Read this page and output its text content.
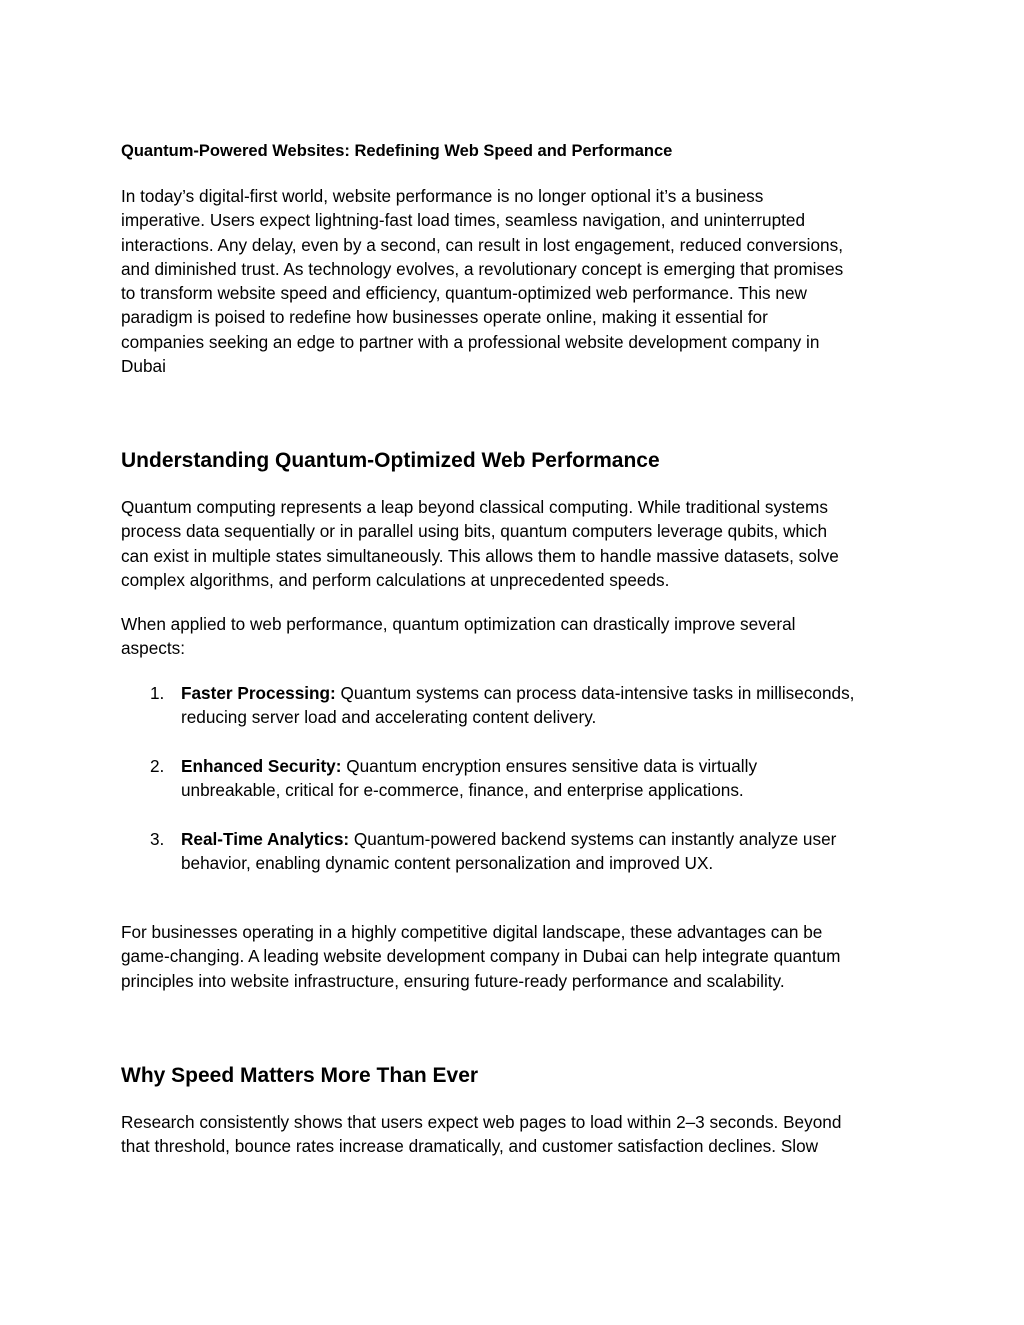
Quantum-Powered Websites: Redefining Web Speed and Performance

In today’s digital-first world, website performance is no longer optional it’s a business
imperative. Users expect lightning-fast load times, seamless navigation, and uninterrupted
interactions. Any delay, even by a second, can result in lost engagement, reduced conversions,
and diminished trust. As technology evolves, a revolutionary concept is emerging that promises
to transform website speed and efficiency, quantum-optimized web performance. This new
paradigm is poised to redefine how businesses operate online, making it essential for
companies seeking an edge to partner with a professional website development company in
Dubai

Understanding Quantum-Optimized Web Performance

Quantum computing represents a leap beyond classical computing. While traditional systems
process data sequentially or in parallel using bits, quantum computers leverage qubits, which
can exist in multiple states simultaneously. This allows them to handle massive datasets, solve
complex algorithms, and perform calculations at unprecedented speeds.

When applied to web performance, quantum optimization can drastically improve several
aspects:

1. Faster Processing: Quantum systems can process data-intensive tasks in milliseconds,
reducing server load and accelerating content delivery.
2. Enhanced Security: Quantum encryption ensures sensitive data is virtually
unbreakable, critical for e-commerce, finance, and enterprise applications.
3. Real-Time Analytics: Quantum-powered backend systems can instantly analyze user
behavior, enabling dynamic content personalization and improved UX.

For businesses operating in a highly competitive digital landscape, these advantages can be
game-changing. A leading website development company in Dubai can help integrate quantum
principles into website infrastructure, ensuring future-ready performance and scalability.

Why Speed Matters More Than Ever

Research consistently shows that users expect web pages to load within 2–3 seconds. Beyond
that threshold, bounce rates increase dramatically, and customer satisfaction declines. Slow
